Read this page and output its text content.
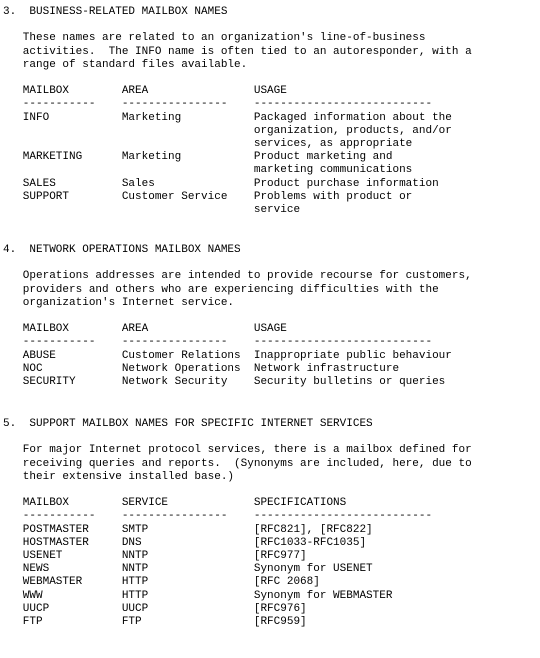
3.  BUSINESS-RELATED MAILBOX NAMES
These names are related to an organization's line-of-business
activities.  The INFO name is often tied to an autoresponder, with a
range of standard files available.
MAILBOX        AREA                USAGE
-----------    ----------------    ---------------------------
INFO           Marketing           Packaged information about the
organization, products, and/or
services, as appropriate
MARKETING      Marketing           Product marketing and
marketing communications
SALES          Sales               Product purchase information
SUPPORT        Customer Service    Problems with product or
service
4.  NETWORK OPERATIONS MAILBOX NAMES
Operations addresses are intended to provide recourse for customers,
providers and others who are experiencing difficulties with the
organization's Internet service.
MAILBOX        AREA                USAGE
-----------    ----------------    ---------------------------
ABUSE          Customer Relations  Inappropriate public behaviour
NOC            Network Operations  Network infrastructure
SECURITY       Network Security    Security bulletins or queries
5.  SUPPORT MAILBOX NAMES FOR SPECIFIC INTERNET SERVICES
For major Internet protocol services, there is a mailbox defined for
receiving queries and reports.  (Synonyms are included, here, due to
their extensive installed base.)
MAILBOX        SERVICE             SPECIFICATIONS
-----------    ----------------    ---------------------------
POSTMASTER     SMTP                [RFC821], [RFC822]
HOSTMASTER     DNS                 [RFC1033-RFC1035]
USENET         NNTP                [RFC977]
NEWS           NNTP                Synonym for USENET
WEBMASTER      HTTP                [RFC 2068]
WWW            HTTP                Synonym for WEBMASTER
UUCP           UUCP                [RFC976]
FTP            FTP                 [RFC959]
